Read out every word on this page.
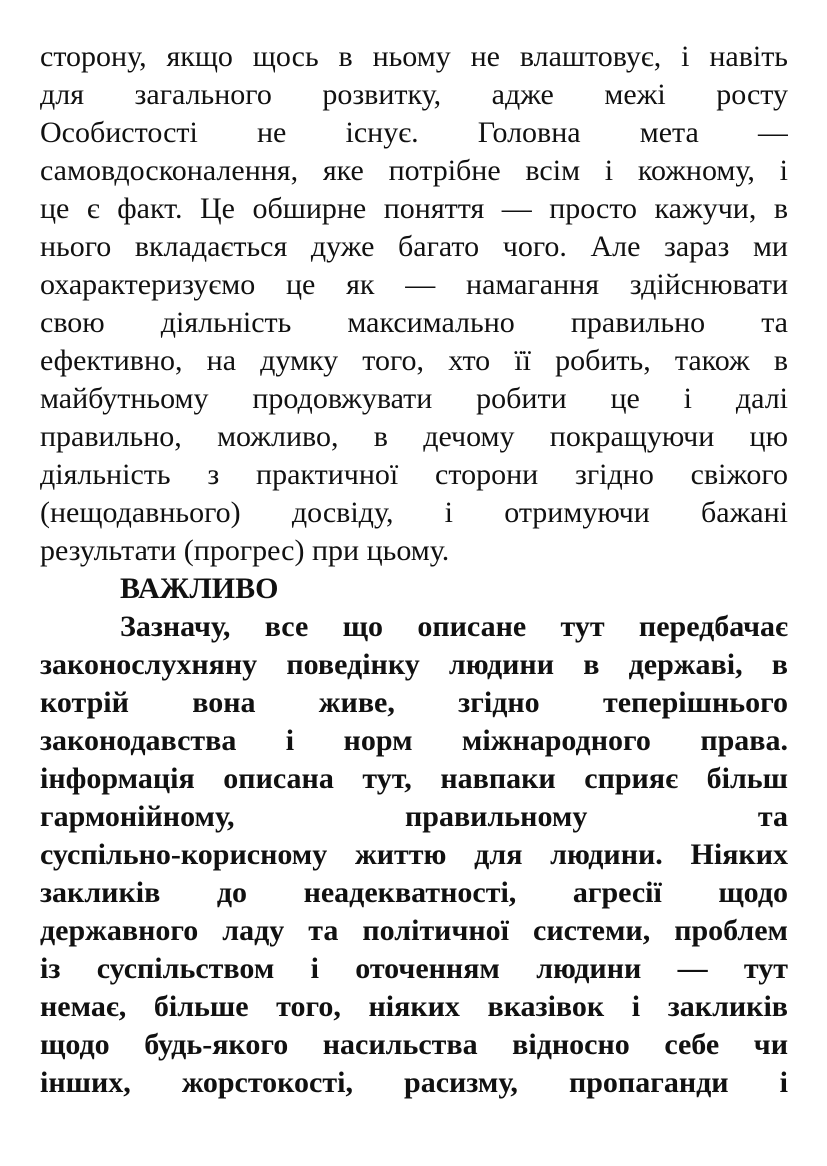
сторону, якщо щось в ньому не влаштовує, і навіть
для загального розвитку, адже межі росту
Особистості не існує. Головна мета —
самовдосконалення, яке потрібне всім і кожному, і
це є факт. Це обширне поняття — просто кажучи, в
нього вкладається дуже багато чого. Але зараз ми
охарактеризуємо це як — намагання здійснювати
свою діяльність максимально правильно та
ефективно, на думку того, хто її робить, також в
майбутньому продовжувати робити це і далі
правильно, можливо, в дечому покращуючи цю
діяльність з практичної сторони згідно свіжого
(нещодавнього) досвіду, і отримуючи бажані
результати (прогрес) при цьому.
ВАЖЛИВО
Зазначу, все що описане тут передбачає
законослухняну поведінку людини в державі, в
котрій вона живе, згідно теперішнього
законодавства і норм міжнародного права.
інформація описана тут, навпаки сприяє більш
гармонійному, правильному та
суспільно-корисному життю для людини. Ніяких
закликів до неадекватності, агресії щодо
державного ладу та політичної системи, проблем
із суспільством і оточенням людини — тут
немає, більше того, ніяких вказівок і закликів
щодо будь-якого насильства відносно себе чи
інших, жорстокості, расизму, пропаганди і
